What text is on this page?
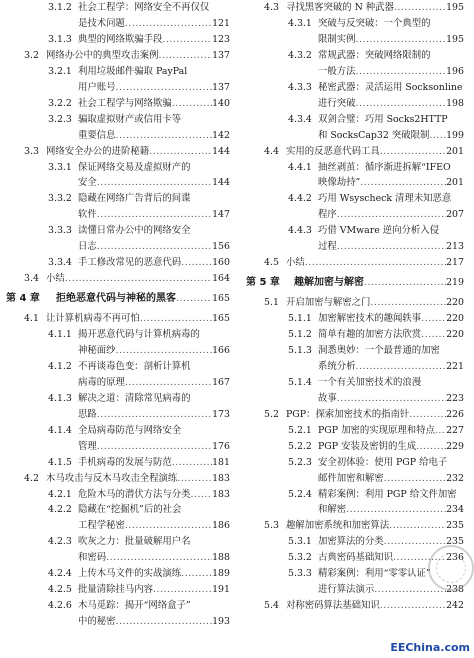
3.1.2 社会工程学：网络安全不再仅仅
是技术问题 .....	121
3.1.3 典型的网络欺骗手段 .....	123
3.2 网络办公中的典型攻击案例 .....	137
3.2.1 利用垃圾邮件骗取 PayPal
用户账号 .....	137
3.2.2 社会工程学与网络欺骗 .....	140
3.2.3 骗取虚拟财产或信用卡等
重要信息 .....	142
3.3 网络安全办公的进阶秘籍 .....	144
3.3.1 保证网络交易及虚拟财产的
安全 .....	144
3.3.2 隐藏在网络广告背后的间谍
软件 .....	147
3.3.3 读懂日常办公中的网络安全
日志 .....	156
3.3.4 手工修改常见的恶意代码 .....	160
3.4 小结 .....	164
第 4 章 拒绝恶意代码与神秘的黑客 .....	165
4.1 让计算机病毒不再可怕 .....	165
4.1.1 揭开恶意代码与计算机病毒的
神秘面纱 .....	166
4.1.2 不再谈毒色变：剖析计算机
病毒的原理 .....	167
4.1.3 解决之道：清除常见病毒的
思路 .....	173
4.1.4 全局病毒防范与网络安全
管理 .....	176
4.1.5 手机病毒的发展与防范 .....	181
4.2 木马攻击与反木马攻击全程演练 .....	183
4.2.1 危险木马的潜伏方法与分类 ..... 183
4.2.2 隐藏在“挖掘机”后的社会
工程学秘密 .....	186
4.2.3 吹灰之力：批量破解用户名
和密码 .....	188
4.2.4 上传木马文件的实战演练 .....	189
4.2.5 批量清除挂马内容 .....	191
4.2.6 木马觅踪：揭开“网络盒子”
中的秘密 .....	193
4.3 寻找黑客突破的 N 种武器 .....	195
4.3.1 突破与反突破：一个典型的
限制实例 .....	195
4.3.2 常规武器：突破网络限制的
一般方法 .....	196
4.3.3 秘密武器：灵活运用 Socksonline
进行突破 .....	198
4.3.4 双剑合璧：巧用 Socks2HTTP
和 SocksCap32 突破限制 ..... 199
4.4 实用的反恶意代码工具 .....	201
4.4.1 抽丝剥茧：循序渐进拆解“IFEO
映像劫持” .....	201
4.4.2 巧用 Wsyscheck 清理未知恶意
程序 .....	207
4.4.3 巧借 VMware 逆向分析入侵
过程 .....	213
4.5 小结 .....	217
第 5 章 趣解加密与解密 .....	219
5.1 开启加密与解密之门 .....	220
5.1.1 加密解密技术的趣闻轶事 .....	220
5.1.2 简单有趣的加密方法欣赏 .....	220
5.1.3 洞悉奥妙：一个最普通的加密
系统分析 .....	221
5.1.4 一个有关加密技术的浪漫
故事 .....	223
5.2 PGP：探索加密技术的指南针 .....	226
5.2.1 PGP 加密的实现原理和特点 ..... 227
5.2.2 PGP 安装及密钥的生成 .....	229
5.2.3 安全初体验：使用 PGP 给电子
邮件加密和解密 .....	232
5.2.4 精彩案例：利用 PGP 给文件加密
和解密 .....	234
5.3 趣解加密系统和加密算法 .....	235
5.3.1 加密算法的分类 .....	235
5.3.2 古典密码基础知识 .....	236
5.3.3 精彩案例：利用“零零认证”
进行算法演示 .....	238
5.4 对称密码算法基础知识 .....	242
EEChina.com
